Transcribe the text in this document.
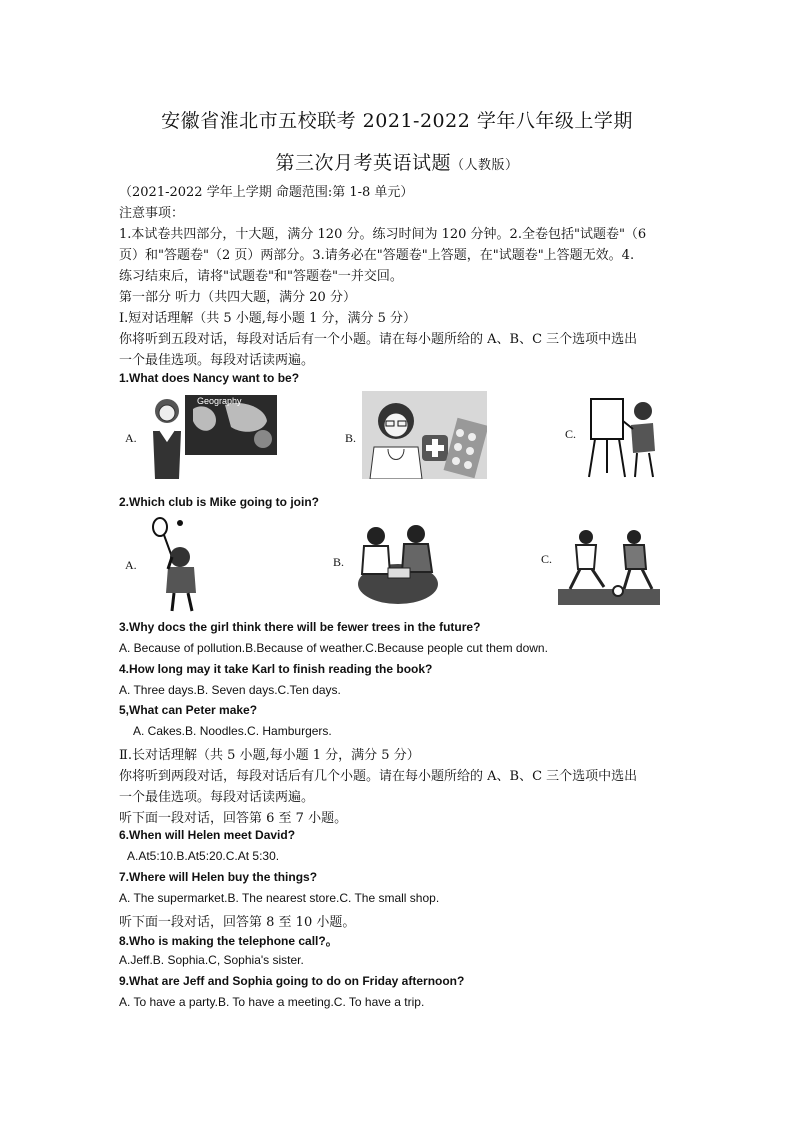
安徽省淮北市五校联考 2021-2022 学年八年级上学期
第三次月考英语试题（人教版）
（2021-2022 学年上学期 命题范围:第 1-8 单元）
注意事项：
1.本试卷共四部分，十大题，满分 120 分。练习时间为 120 分钟。2.全卷包括"试题卷"（6
页）和"答题卷"（2 页）两部分。3.请务必在"答题卷"上答题，在"试题卷"上答题无效。4.
练习结束后，请将"试题卷"和"答题卷"一并交回。
第一部分 听力（共四大题，满分 20 分）
Ⅰ.短对话理解（共 5 小题,每小题 1 分，满分 5 分）
你将听到五段对话，每段对话后有一个小题。请在每小题所给的 A、B、C 三个选项中选出
一个最佳选项。每段对话读两遍。
1.What does Nancy want to be?
A.
Geography
B.	C.
2.Which club is Mike going to join?
A.	B.	C.
3.Why docs the girl think there will be fewer trees in the future?
A. Because of pollution.B.Because of weather.C.Because people cut them down.
4.How long may it take Karl to finish reading the book?
A. Three days.B. Seven days.C.Ten days.
5,What can Peter make?
A. Cakes.B. Noodles.C. Hamburgers.
Ⅱ.长对话理解（共 5 小题,每小题 1 分，满分 5 分）
你将听到两段对话，每段对话后有几个小题。请在每小题所给的 A、B、C 三个选项中选出
一个最佳选项。每段对话读两遍。
听下面一段对话，回答第 6 至 7 小题。
6.When will Helen meet David?
A.At5:10.B.At5:20.C.At 5:30.
7.Where will Helen buy the things?
A. The supermarket.B. The nearest store.C. The small shop.
听下面一段对话，回答第 8 至 10 小题。
8.Who is making the telephone call?。
A.Jeff.B. Sophia.C, Sophia's sister.
9.What are Jeff and Sophia going to do on Friday afternoon?
A. To have a party.B. To have a meeting.C. To have a trip.
